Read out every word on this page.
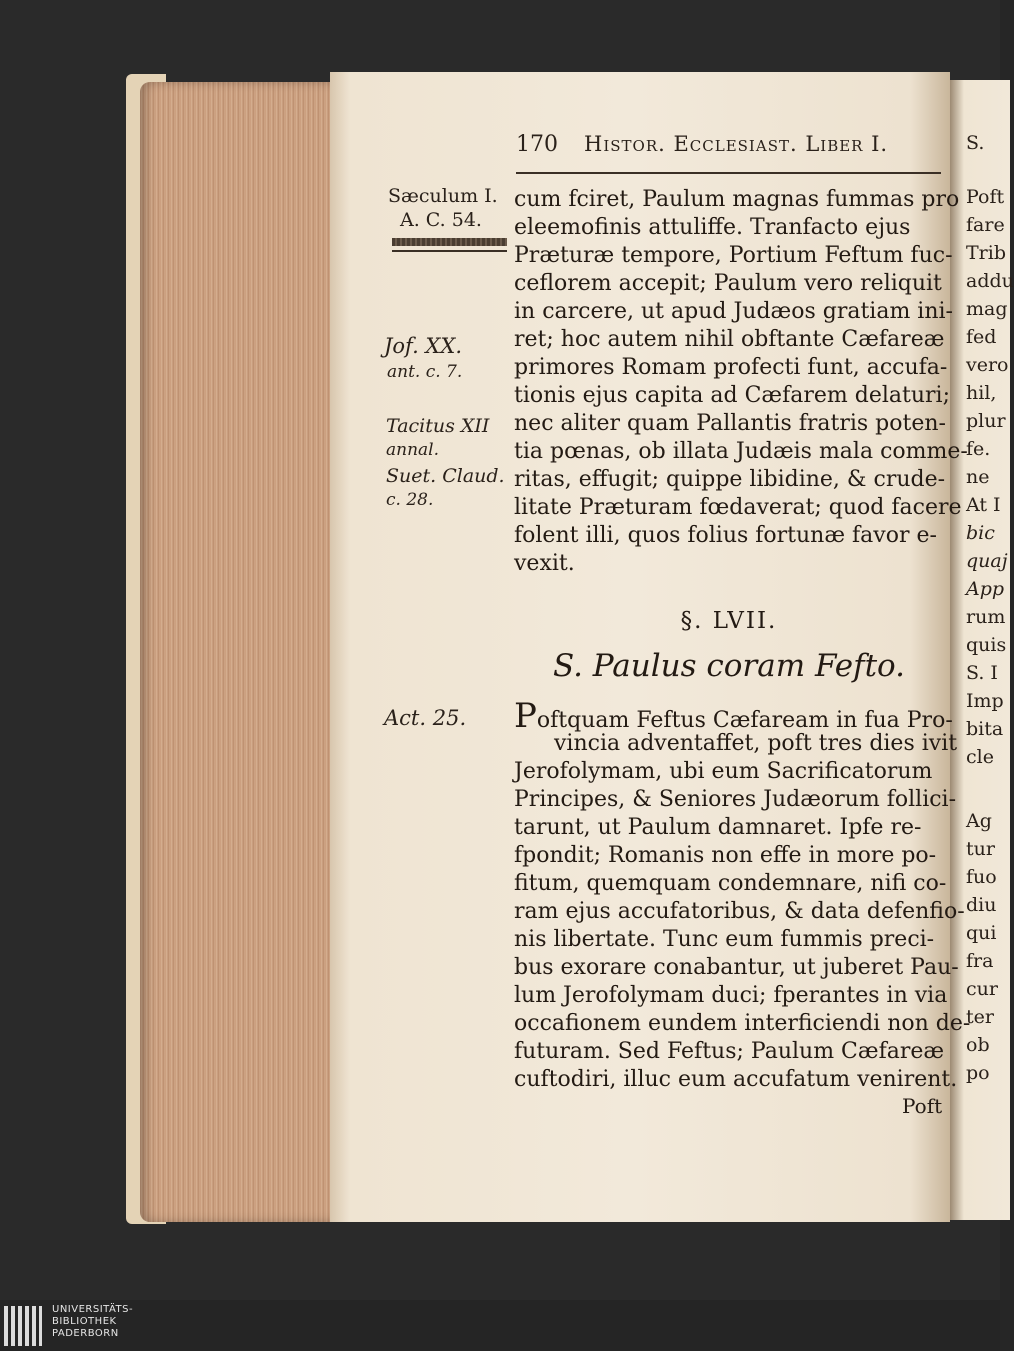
170 Histor. Ecclesiast. Liber I.
Sæculum I.
A. C. 54.
Jof. XX.
ant. c. 7.
Tacitus XII
annal.
Suet. Claud.
c. 28.
Act. 25.
cum fciret, Paulum magnas fummas pro
eleemofinis attuliffe. Tranfacto ejus
Præturæ tempore, Portium Feftum fuc-
ceflorem accepit; Paulum vero reliquit
in carcere, ut apud Judæos gratiam ini-
ret; hoc autem nihil obftante Cæfareæ
primores Romam profecti funt, accufa-
tionis ejus capita ad Cæfarem delaturi;
nec aliter quam Pallantis fratris poten-
tia pœnas, ob illata Judæis mala comme-
ritas, effugit; quippe libidine, & crude-
litate Præturam fœdaverat; quod facere
folent illi, quos folius fortunæ favor e-
vexit.
§. LVII.
S. Paulus coram Fefto.
Poftquam Feftus Cæfaream in fua Pro-
vincia adventaffet, poft tres dies ivit
Jerofolymam, ubi eum Sacrificatorum
Principes, & Seniores Judæorum follici-
tarunt, ut Paulum damnaret. Ipfe re-
fpondit; Romanis non effe in more po-
fitum, quemquam condemnare, nifi co-
ram ejus accufatoribus, & data defenfio-
nis libertate. Tunc eum fummis preci-
bus exorare conabantur, ut juberet Pau-
lum Jerofolymam duci; fperantes in via
occafionem eundem interficiendi non de-
futuram. Sed Feftus; Paulum Cæfareæ
cuftodiri, illuc eum accufatum venirent.
Poft
S.
Poft
fare
Trib
addu
mag
fed
vero
hil,
plur
fe.
ne
At I
bic
quaj
App
rum
quis
S. I
Imp
bita
cle
Ag
tur
fuo
diu
qui
fra
cur
ter
ob
po
UNIVERSITÄTS-
BIBLIOTHEK
PADERBORN
